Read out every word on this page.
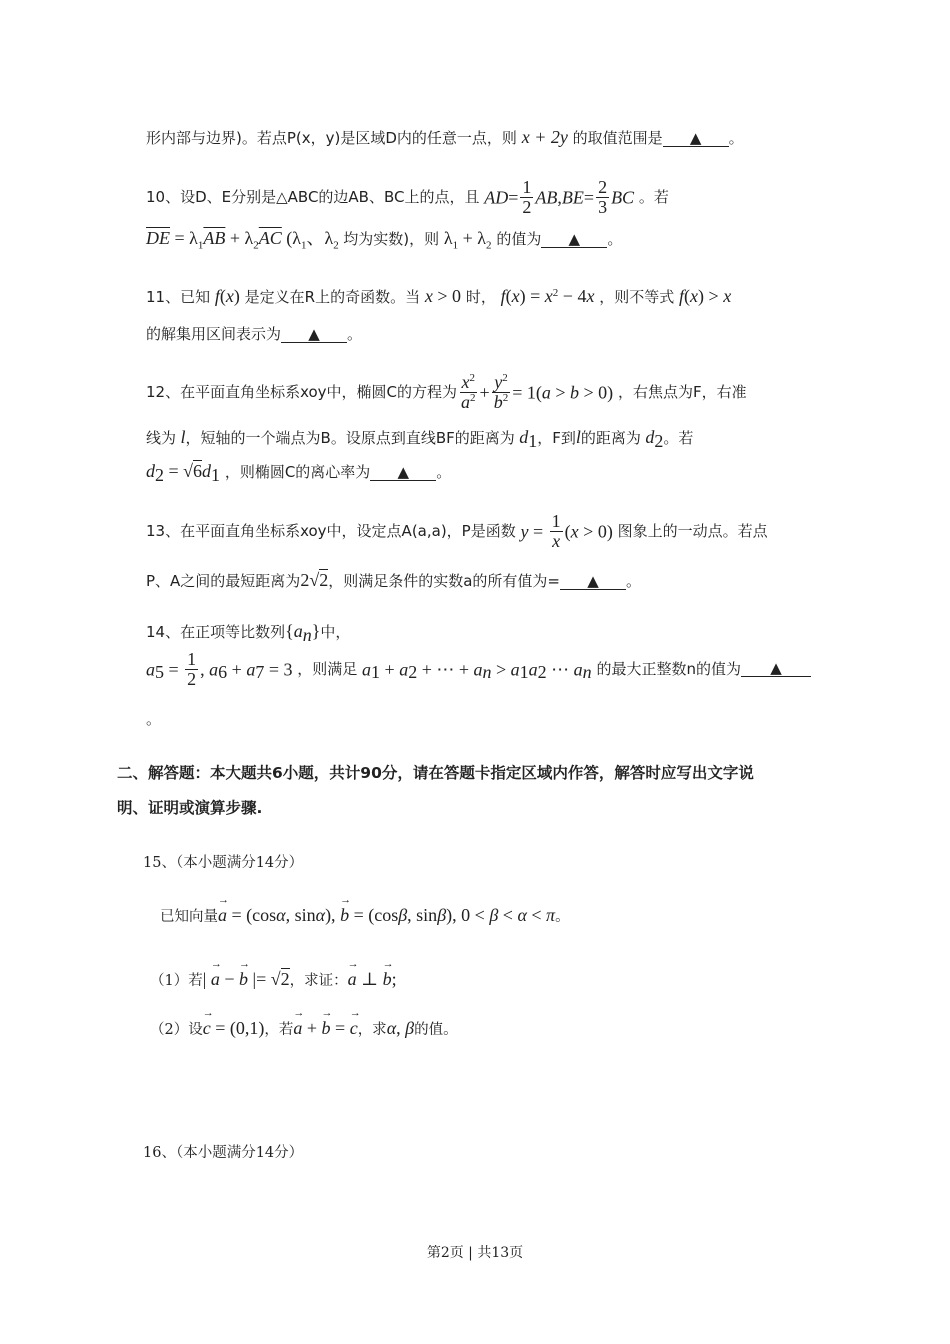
形内部与边界)。若点P(x，y)是区域D内的任意一点，则 x + 2y 的取值范围是 ▲ 。
10、设D、E分别是△ABC的边AB、BC上的点，且 $AD= \frac{1}{2} AB,BE= \frac{2}{3}$ BC 。若
$\overline{DE} = \lambda_1\overline{AB} + \lambda_2\overline{AC}$ ($\lambda_1$、$\lambda_2$ 均为实数)，则 $\lambda_1 + \lambda_2$ 的值为 ▲ 。
11、已知 f(x) 是定义在R上的奇函数。当 x > 0 时， $f(x) = x^2 - 4x$ ，则不等式 f(x) > x
的解集用区间表示为 ▲ 。
12、在平面直角坐标系xoy中，椭圆C的方程为 $\frac{x^2}{a^2} + \frac{y^2}{b^2} = 1(a > b > 0)$ ，右焦点为F，右准
线为 l，短轴的一个端点为B。设原点到直线BF的距离为 $d_1$，F到l的距离为 $d_2$。若
$d_2 = √6d_1$ ，则椭圆C的离心率为 ▲ 。
13、在平面直角坐标系xoy中，设定点A(a,a)，P是函数 $y = \frac{1}{x} (x > 0)$ 图象上的一动点。若点
P、A之间的最短距离为2√2，则满足条件的实数a的所有值为= ▲ 。
14、在正项等比数列$\{a_n\}$中，
$a_5 = \frac{1}{2}$ , $a_6 + a_7 = 3$ ，则满足 $a_1 + a_2$ + ⋯ + $a_n > a_1a_2$ ⋯ $a_n$ 的最大正整数n的值为 ▲
。
二、解答题：本大题共6小题，共计90分，请在答题卡指定区域内作答，解答时应写出文字说
明、证明或演算步骤.
15、（本小题满分14分）
已知向量→ a = (cosα, sinα), → b = (cosβ, sinβ), 0 < β < α < π。
（1）若| → a − → b |= √2，求证：→ a ⊥ → b;
（2）设→ c = (0,1)，若→ a + → b = → c，求α, β的值。
16、（本小题满分14分）
第2页 | 共13页
